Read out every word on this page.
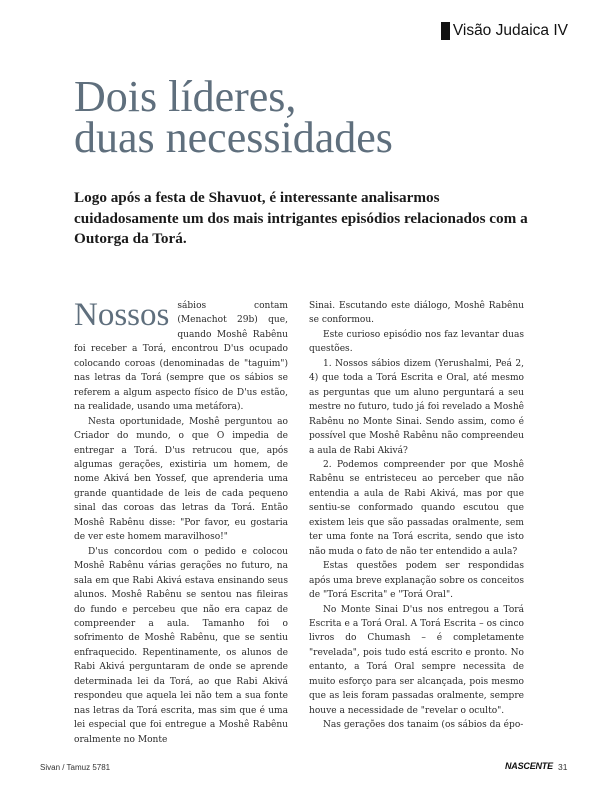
Visão Judaica IV
Dois líderes,
duas necessidades

Logo após a festa de Shavuot, é interessante analisarmos cuidadosamente um dos mais intrigantes episódios relacionados com a Outorga da Torá.

Nossos sábios contam (Menachot 29b) que, quando Moshê Rabênu foi receber a Torá, encontrou D'us ocupado colocando coroas (denominadas de "taguim") nas letras da Torá (sempre que os sábios se referem a algum aspecto físico de D'us estão, na realidade, usando uma metáfora).

Nesta oportunidade, Moshê perguntou ao Criador do mundo, o que O impedia de entregar a Torá. D'us retrucou que, após algumas gerações, existiria um homem, de nome Akivá ben Yossef, que aprenderia uma grande quantidade de leis de cada pequeno sinal das coroas das letras da Torá. Então Moshê Rabênu disse: "Por favor, eu gostaria de ver este homem maravilhoso!"

D'us concordou com o pedido e colocou Moshê Rabênu várias gerações no futuro, na sala em que Rabi Akivá estava ensinando seus alunos. Moshê Rabênu se sentou nas fileiras do fundo e percebeu que não era capaz de compreender a aula. Tamanho foi o sofrimento de Moshê Rabênu, que se sentiu enfraquecido. Repentinamente, os alunos de Rabi Akivá perguntaram de onde se aprende determinada lei da Torá, ao que Rabi Akivá respondeu que aquela lei não tem a sua fonte nas letras da Torá escrita, mas sim que é uma lei especial que foi entregue a Moshê Rabênu oralmente no Monte

Sinai. Escutando este diálogo, Moshê Rabênu se conformou.

Este curioso episódio nos faz levantar duas questões.

1. Nossos sábios dizem (Yerushalmi, Peá 2, 4) que toda a Torá Escrita e Oral, até mesmo as perguntas que um aluno perguntará a seu mestre no futuro, tudo já foi revelado a Moshê Rabênu no Monte Sinai. Sendo assim, como é possível que Moshê Rabênu não compreendeu a aula de Rabi Akivá?

2. Podemos compreender por que Moshê Rabênu se entristeceu ao perceber que não entendia a aula de Rabi Akivá, mas por que sentiu-se conformado quando escutou que existem leis que são passadas oralmente, sem ter uma fonte na Torá escrita, sendo que isto não muda o fato de não ter entendido a aula?

Estas questões podem ser respondidas após uma breve explanação sobre os conceitos de "Torá Escrita" e "Torá Oral".

No Monte Sinai D'us nos entregou a Torá Escrita e a Torá Oral. A Torá Escrita – os cinco livros do Chumash – é completamente "revelada", pois tudo está escrito e pronto. No entanto, a Torá Oral sempre necessita de muito esforço para ser alcançada, pois mesmo que as leis foram passadas oralmente, sempre houve a necessidade de "revelar o oculto".

Nas gerações dos tanaim (os sábios da épo-

Sivan / Tamuz 5781	NASCENTE 31
